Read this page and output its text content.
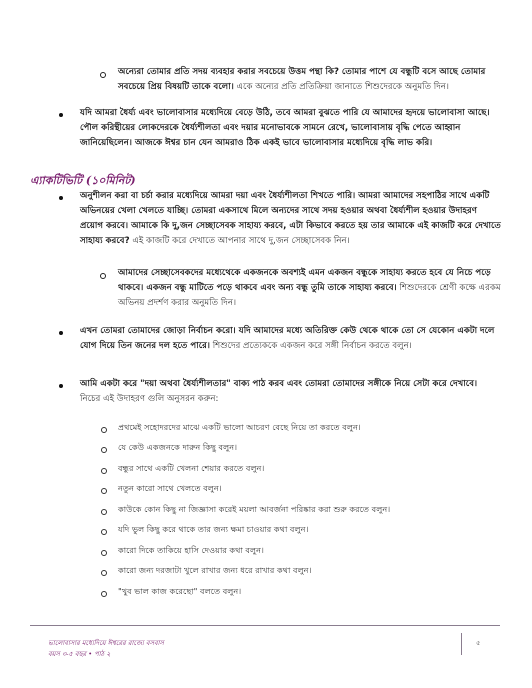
অন্যেরা তোমার প্রতি সদয় ব্যবহার করার সবচেয়ে উত্তম পন্থা কি? তোমার পাশে যে বন্ধুটি বসে আছে তোমার সবচেয়ে প্রিয় বিষয়টি তাকে বলো। একে অন্যের প্রতি প্রতিক্রিয়া জানাতে শিশুদেরকে অনুমতি দিন।
যদি আমরা ধৈর্য্য এবং ভালোবাসার মধ্যেদিয়ে বেড়ে উঠি, তবে আমরা বুঝতে পারি যে আমাদের হৃদয়ে ভালোবাসা আছে। পৌল করিন্থীয়ের লোকদেরকে ধৈর্য্যশীলতা এবং দয়ার মনোভাবকে সামনে রেখে, ভালোবাসায় বৃদ্ধি পেতে আহ্বান জানিয়েছিলেন। আজকে ঈশ্বর চান যেন আমরাও ঠিক একই ভাবে ভালোবাসার মধ্যেদিয়ে বৃদ্ধি লাভ করি।
এ্যাকটিভিটি (১০মিনিট)
অনুশীলন করা বা চর্চা করার মধ্যেদিয়ে আমরা দয়া এবং ধৈর্য্যশীলতা শিখতে পারি। আমরা আমাদের সহপাঠির সাথে একটি অভিনয়ের খেলা খেলতে যাচ্ছি। তোমরা একসাথে মিলে অন্যদের সাথে সদয় হওয়ার অথবা ধৈর্য্যশীল হওয়ার উদাহরণ প্রয়োগ করবে। আমাকে কি দু,জন সেচ্ছাসেবক সাহায্য করবে, এটা কিভাবে করতে হয় তার আমাকে এই কাজটি করে দেখাতে সাহায্য করবে? এই কাজটি করে দেখাতে আপনার সাথে দু,জন সেচ্ছাসেবক নিন।
আমাদের সেচ্ছাসেবকদের মধ্যেথেকে একজনকে অবশ্যই এমন একজন বন্ধুকে সাহায্য করতে হবে যে নিচে পড়ে থাকবে। একজন বন্ধু মাটিতে পড়ে থাকবে এবং অন্য বন্ধু তুমি তাকে সাহায্য করবে। শিশুদেরকে শ্রেণী কক্ষে এরকম অভিনয় প্রদর্শণ করার অনুমতি দিন।
এখন তোমরা তোমাদের জোড়া নির্বাচন করো। যদি আমাদের মধ্যে অতিরিক্ত কেউ থেকে থাকে তো সে যেকোন একটা দলে যোগ দিয়ে তিন জনের দল হতে পারে। শিশুদের প্রত্যেককে একজন করে সঙ্গী নির্বাচন করতে বলুন।
আমি একটা করে "দয়া অথবা ধৈর্য্যশীলতার" বাক্য পাঠ করব এবং তোমরা তোমাদের সঙ্গীকে নিয়ে সেটা করে দেখাবে।
নিচের এই উদাহরণ গুলি অনুসরন করুন:
প্রথমেই সহোদরদের মাঝে একটি ভালো আচরণ বেছে নিয়ে তা করতে বলুন।
যে কেউ একজনকে দারুন কিছু বলুন।
বন্ধুর সাথে একটি খেলনা শেয়ার করতে বলুন।
নতুন কারো সাথে খেলতে বলুন।
কাউকে কোন কিছু না জিজ্ঞাসা করেই ময়লা আবর্জনা পরিষ্কার করা শুরু করতে বলুন।
যদি ভুল কিছু করে থাকে তার জন্য ক্ষমা চাওয়ার কথা বলুন।
কারো দিকে তাকিয়ে হাসি দেওয়ার কথা বলুন।
কারো জন্য দরজাটা খুলে রাখার জন্য ধরে রাখার কথা বলুন।
"খুব ভাল কাজ করেছো" বলতে বলুন।
ভালোবাসার মধ্যেদিয়ে ঈশ্বরের রাজ্যে বসবাস
বয়স ৩-৫ বছর • পাঠ ২
৫
